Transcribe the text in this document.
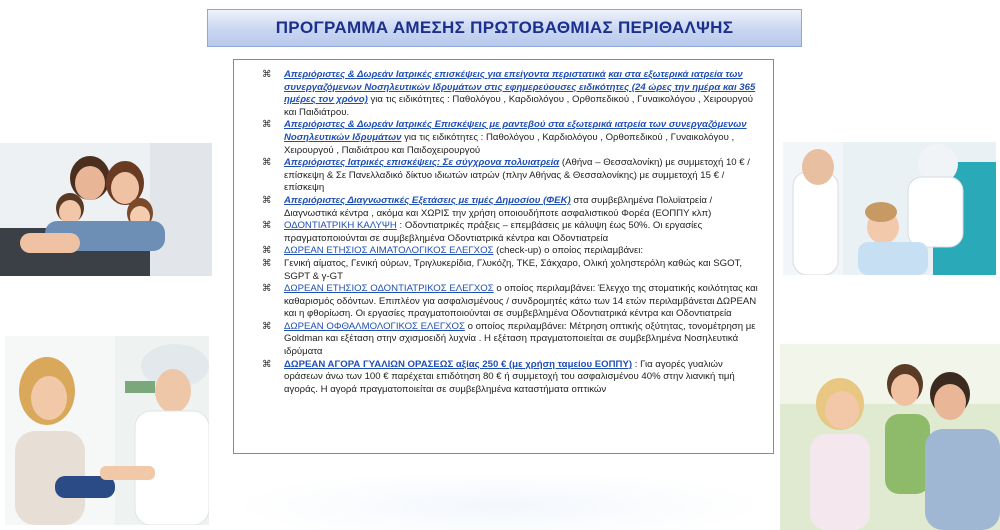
ΠΡΟΓΡΑΜΜΑ ΑΜΕΣΗΣ ΠΡΩΤΟΒΑΘΜΙΑΣ ΠΕΡΙΘΑΛΨΗΣ
⌘ Απεριόριστες & Δωρεάν Ιατρικές επισκέψεις για επείγοντα περιστατικά και στα εξωτερικά ιατρεία των συνεργαζόμενων Νοσηλευτικών Ιδρυμάτων στις εφημερεύουσες ειδικότητες (24 ώρες την ημέρα και 365 ημέρες τον χρόνο) για τις ειδικότητες : Παθολόγου , Καρδιολόγου , Ορθοπεδικού , Γυναικολόγου , Χειρουργού και Παιδιάτρου.
⌘ Απεριόριστες & Δωρεάν Ιατρικές Επισκέψεις με ραντεβού στα εξωτερικά ιατρεία των συνεργαζόμενων Νοσηλευτικών Ιδρυμάτων για τις ειδικότητες : Παθολόγου , Καρδιολόγου , Ορθοπεδικού , Γυναικολόγου , Χειρουργού , Παιδιάτρου και Παιδοχειρουργού
⌘ Απεριόριστες Ιατρικές επισκέψεις: Σε σύγχρονα πολυιατρεία (Αθήνα – Θεσσαλονίκη) με συμμετοχή 10 € / επίσκεψη & Σε Πανελλαδικό δίκτυο ιδιωτών ιατρών (πλην Αθήνας & Θεσσαλονίκης) με συμμετοχή 15 € / επίσκεψη
⌘ Απεριόριστες Διαγνωστικές Εξετάσεις με τιμές Δημοσίου (ΦΕΚ) στα συμβεβλημένα Πολυϊατρεία / Διαγνωστικά κέντρα , ακόμα και ΧΩΡΙΣ την χρήση οποιουδήποτε ασφαλιστικού Φορέα (ΕΟΠΠΥ κλπ)
⌘ ΟΔΟΝΤΙΑΤΡΙΚΗ ΚΑΛΥΨΗ : Οδοντιατρικές πράξεις – επεμβάσεις με κάλυψη έως 50%. Οι εργασίες πραγματοποιούνται σε συμβεβλημένα Οδοντιατρικά κέντρα και Οδοντιατρεία
⌘ ΔΩΡΕΑΝ ΕΤΗΣΙΟΣ ΑΙΜΑΤΟΛΟΓΙΚΟΣ ΕΛΕΓΧΟΣ (check-up) ο οποίος περιλαμβάνει:
⌘ Γενική αίματος, Γενική ούρων, Τριγλυκερίδια, Γλυκόζη, ΤΚΕ, Σάκχαρο, Ολική χοληστερόλη καθώς και SGOT, SGPT & γ-GT
⌘ ΔΩΡΕΑΝ ΕΤΗΣΙΟΣ ΟΔΟΝΤΙΑΤΡΙΚΟΣ ΕΛΕΓΧΟΣ ο οποίος περιλαμβάνει: Έλεγχο της στοματικής κοιλότητας και καθαρισμός οδόντων. Επιπλέον για ασφαλισμένους / συνδρομητές κάτω των 14 ετών περιλαμβάνεται ΔΩΡΕΑΝ και η φθορίωση. Οι εργασίες πραγματοποιούνται σε συμβεβλημένα Οδοντιατρικά κέντρα και Οδοντιατρεία
⌘ ΔΩΡΕΑΝ ΟΦΘΑΛΜΟΛΟΓΙΚΟΣ ΕΛΕΓΧΟΣ ο οποίος περιλαμβάνει: Μέτρηση οπτικής οξύτητας, τονομέτρηση με Goldman και εξέταση στην σχισμοειδή λυχνία . Η εξέταση πραγματοποιείται σε συμβεβλημένα Νοσηλευτικά ιδρύματα
⌘ ΔΩΡΕΑΝ ΑΓΟΡΑ ΓΥΑΛΙΩΝ ΟΡΑΣΕΩΣ αξίας 250 € (με χρήση ταμείου ΕΟΠΠΥ) : Για αγορές γυαλιών οράσεων άνω των 100 € παρέχεται επιδότηση 80 € ή συμμετοχή του ασφαλισμένου 40% στην λιανική τιμή αγοράς. Η αγορά πραγματοποιείται σε συμβεβλημένα καταστήματα οπτικών
